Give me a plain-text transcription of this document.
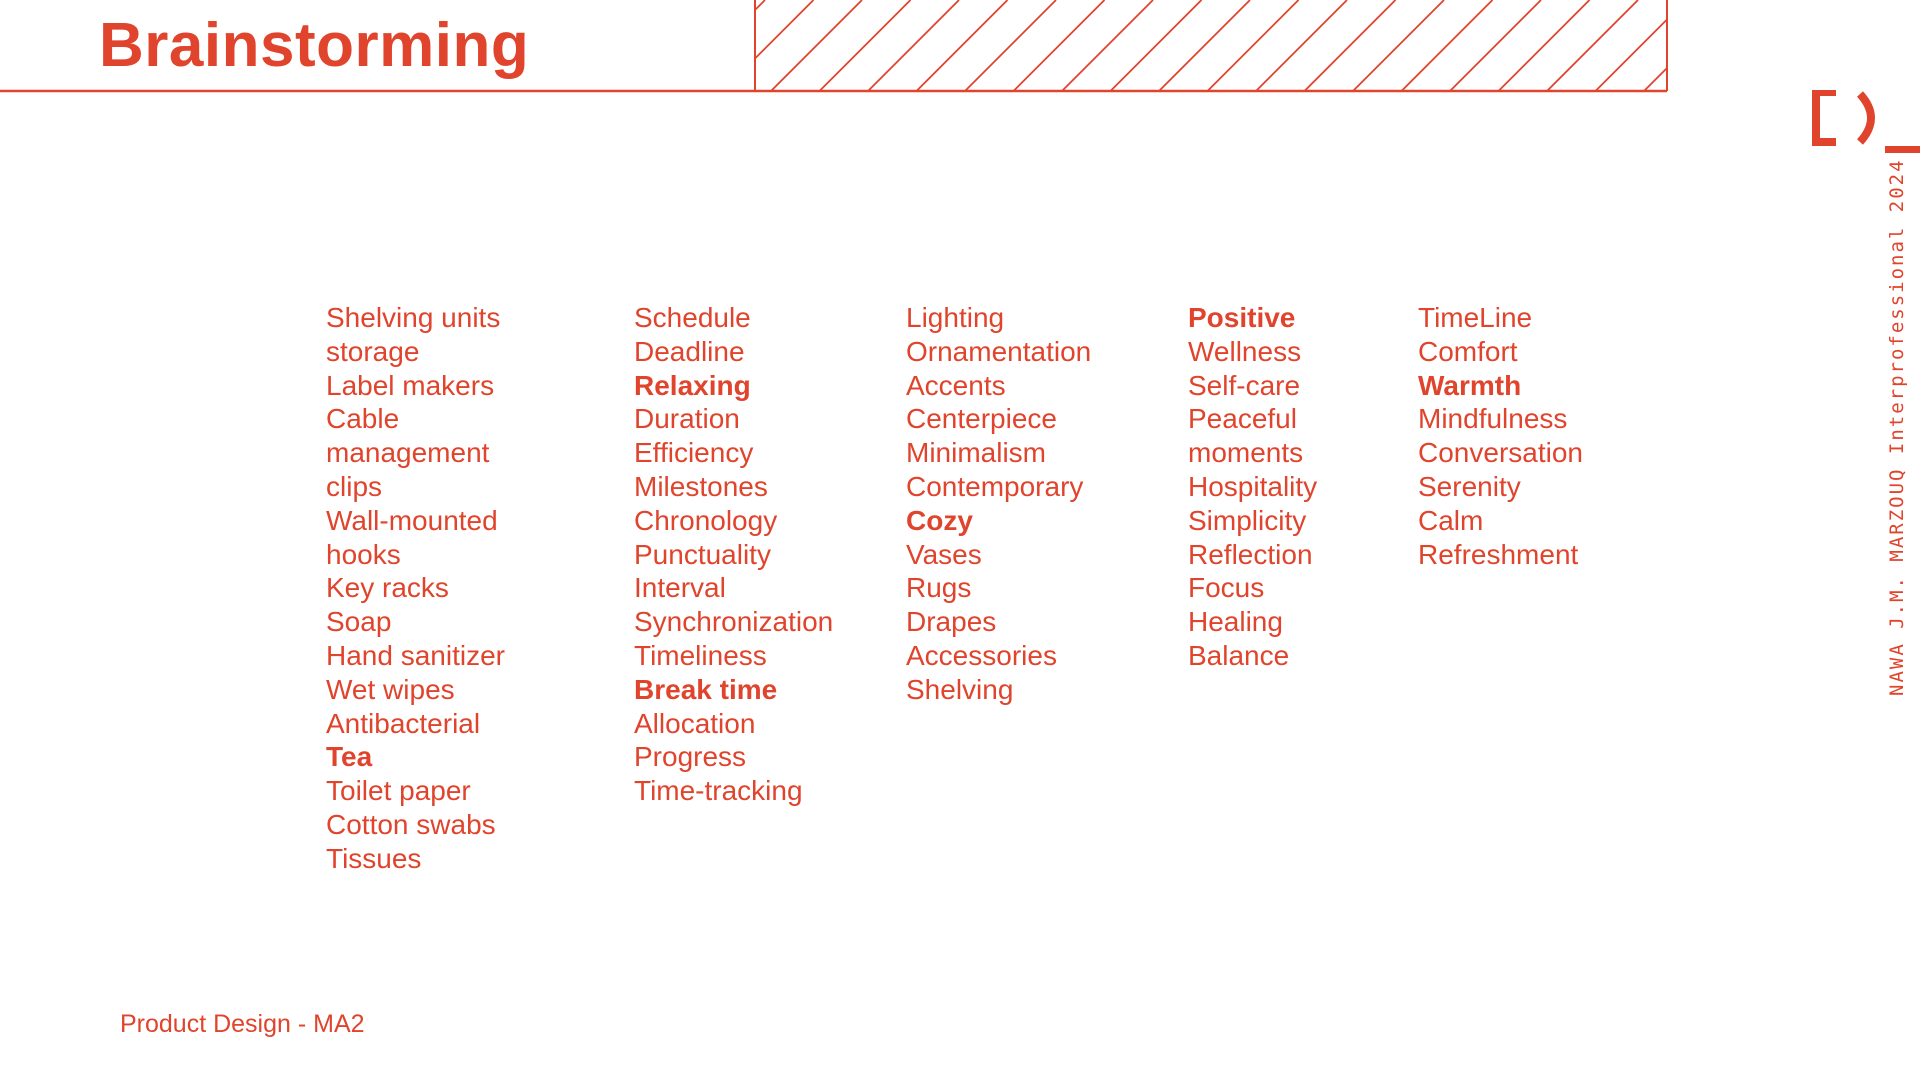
Brainstorming
NAWA J.M. MARZOUQ Interprofessional 2024
Shelving units
storage
Label makers
Cable
management
clips
Wall-mounted
hooks
Key racks
Soap
Hand sanitizer
Wet wipes
Antibacterial
Tea
Toilet paper
Cotton swabs
Tissues
Schedule
Deadline
Relaxing
Duration
Efficiency
Milestones
Chronology
Punctuality
Interval
Synchronization
Timeliness
Break time
Allocation
Progress
Time-tracking
Lighting
Ornamentation
Accents
Centerpiece
Minimalism
Contemporary
Cozy
Vases
Rugs
Drapes
Accessories
Shelving
Positive
Wellness
Self-care
Peaceful
moments
Hospitality
Simplicity
Reflection
Focus
Healing
Balance
TimeLine
Comfort
Warmth
Mindfulness
Conversation
Serenity
Calm
Refreshment
Product Design - MA2
